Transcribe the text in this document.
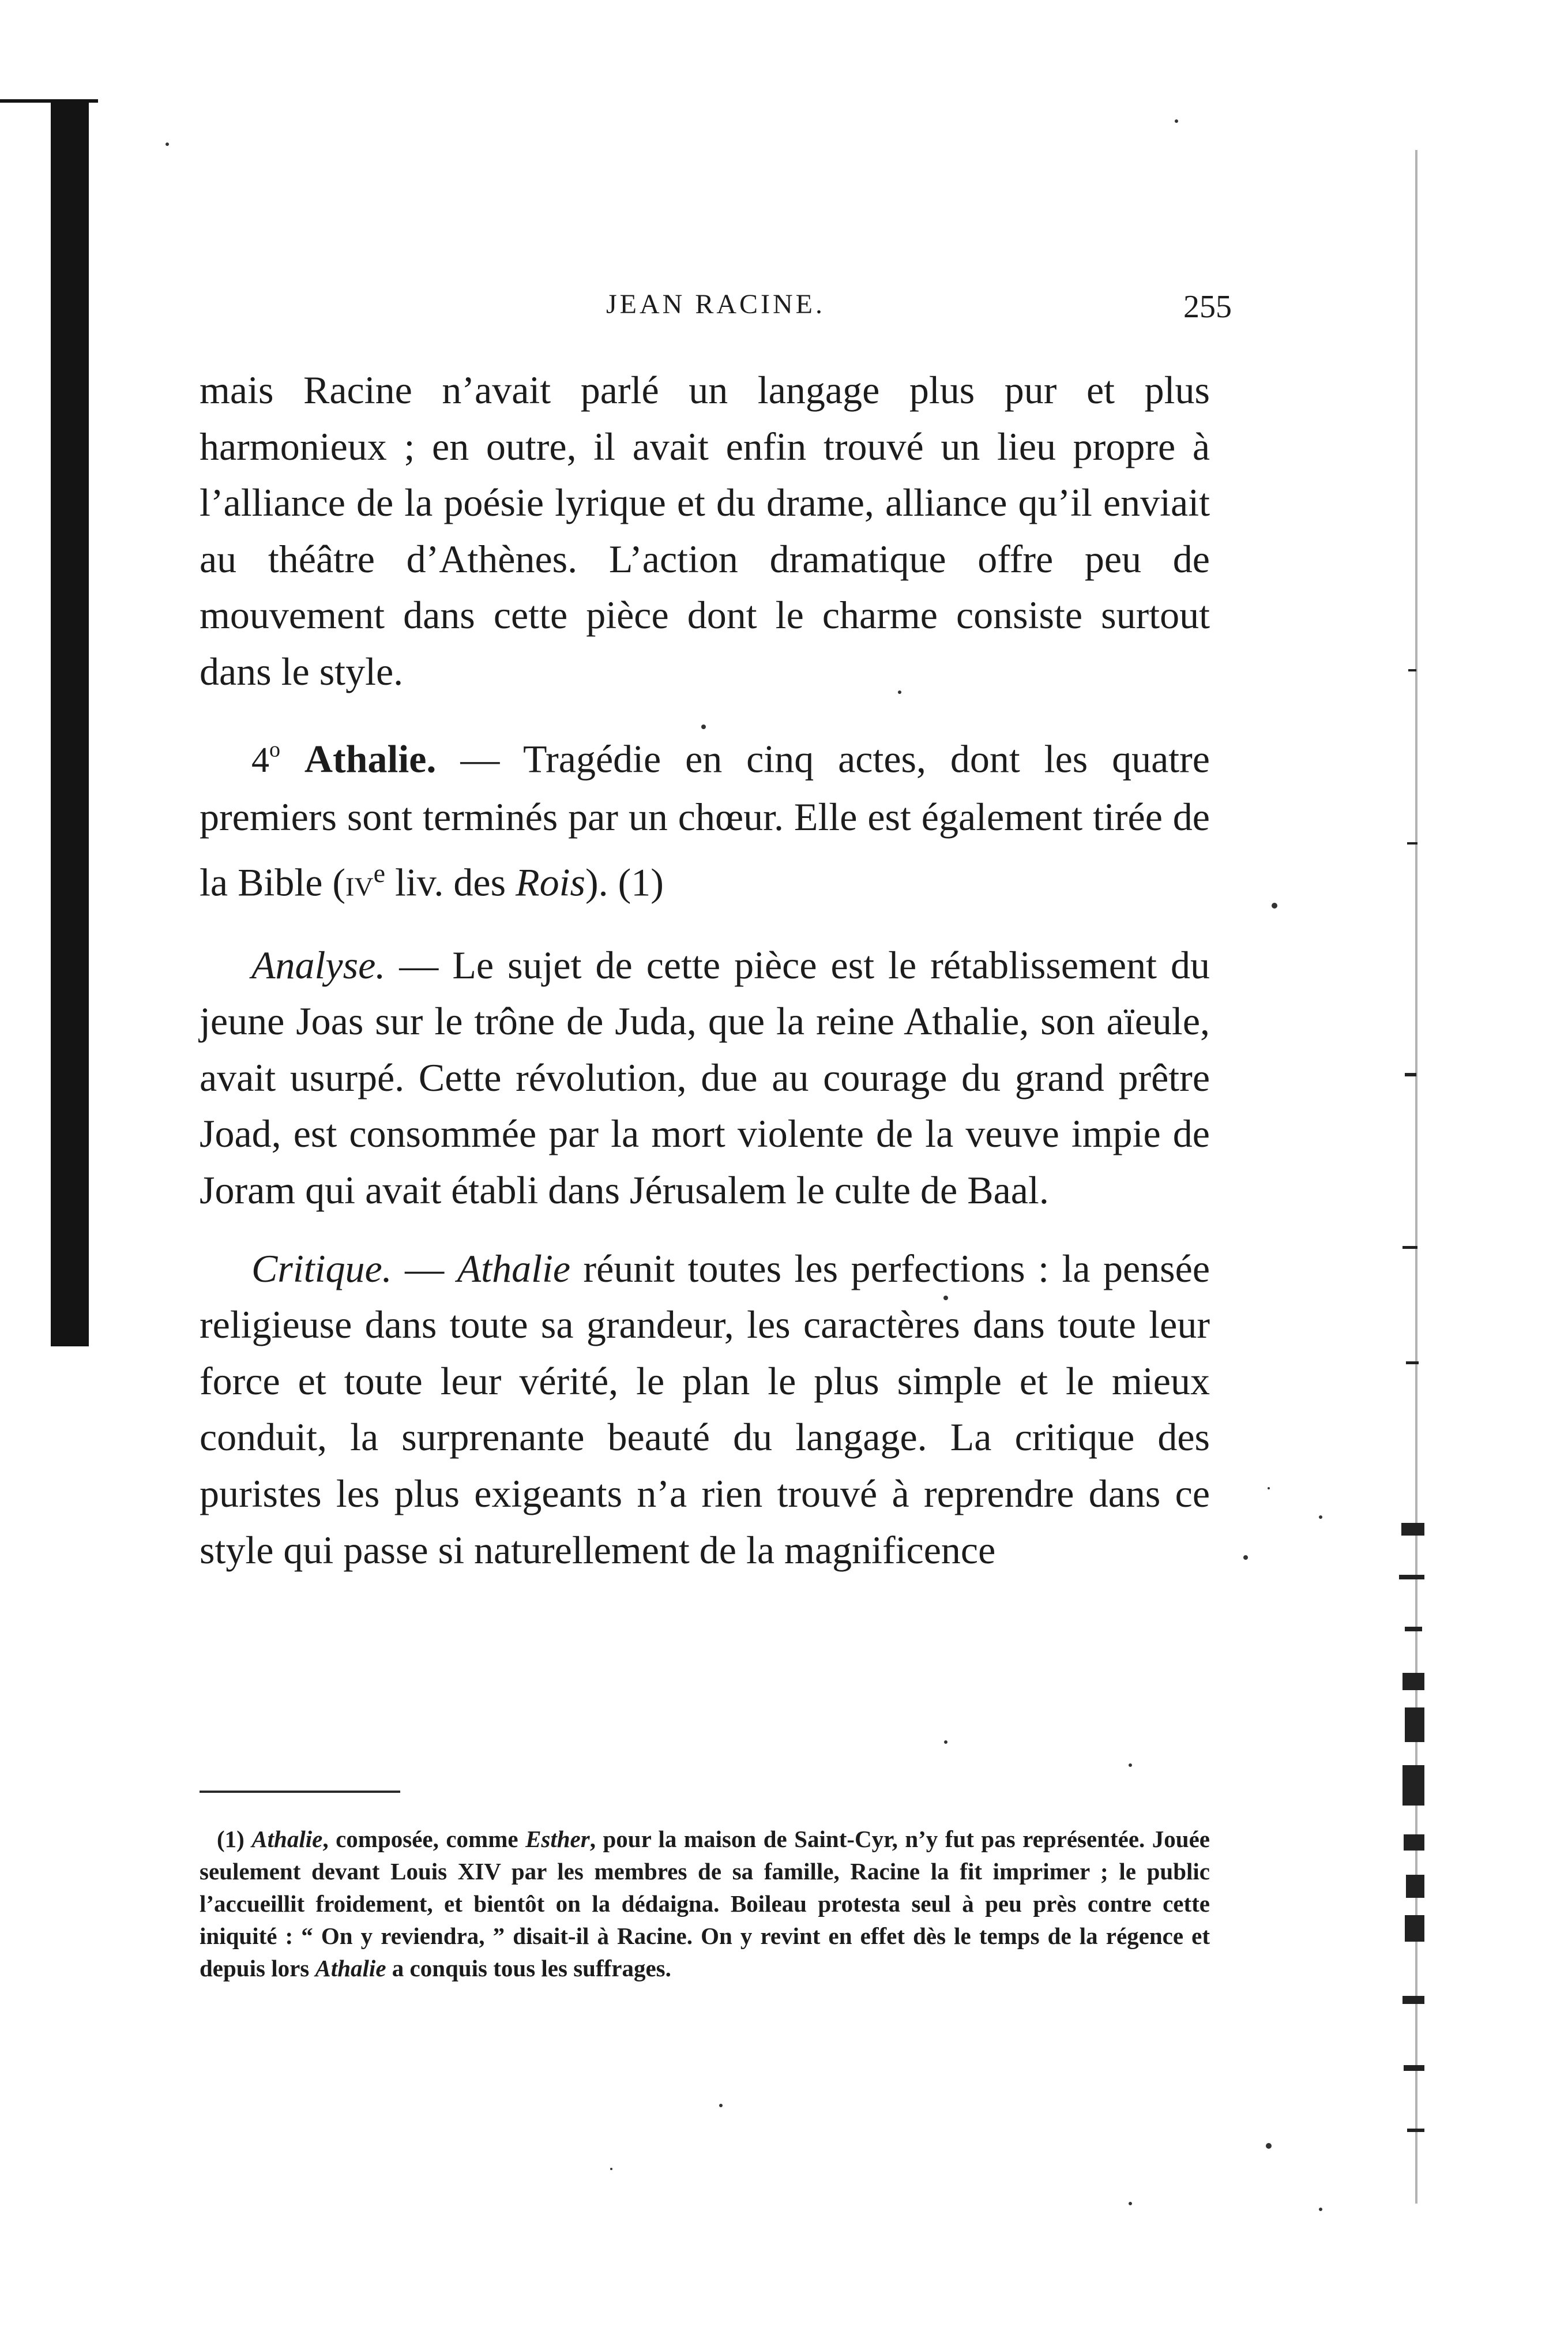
JEAN RACINE.	255

mais Racine n’avait parlé un langage plus pur et plus harmonieux ; en outre, il avait enfin trouvé un lieu propre à l’alliance de la poésie lyrique et du drame, alliance qu’il enviait au théâtre d’Athènes. L’action dramatique offre peu de mouvement dans cette pièce dont le charme consiste surtout dans le style.

4$^o$ Athalie. — Tragédie en cinq actes, dont les quatre premiers sont terminés par un chœur. Elle est également tirée de la Bible (IVe liv. des Rois). (1)

Analyse. — Le sujet de cette pièce est le rétablissement du jeune Joas sur le trône de Juda, que la reine Athalie, son aïeule, avait usurpé. Cette révolution, due au courage du grand prêtre Joad, est consommée par la mort violente de la veuve impie de Joram qui avait établi dans Jérusalem le culte de Baal.

Critique. — Athalie réunit toutes les perfections : la pensée religieuse dans toute sa grandeur, les caractères dans toute leur force et toute leur vérité, le plan le plus simple et le mieux conduit, la surprenante beauté du langage. La critique des puristes les plus exigeants n’a rien trouvé à reprendre dans ce style qui passe si naturellement de la magnificence

(1) Athalie, composée, comme Esther, pour la maison de Saint-Cyr, n’y fut pas représentée. Jouée seulement devant Louis XIV par les membres de sa famille, Racine la fit imprimer ; le public l’accueillit froidement, et bientôt on la dédaigna. Boileau protesta seul à peu près contre cette iniquité : “ On y reviendra, ” disait-il à Racine. On y revint en effet dès le temps de la régence et depuis lors Athalie a conquis tous les suffrages.
